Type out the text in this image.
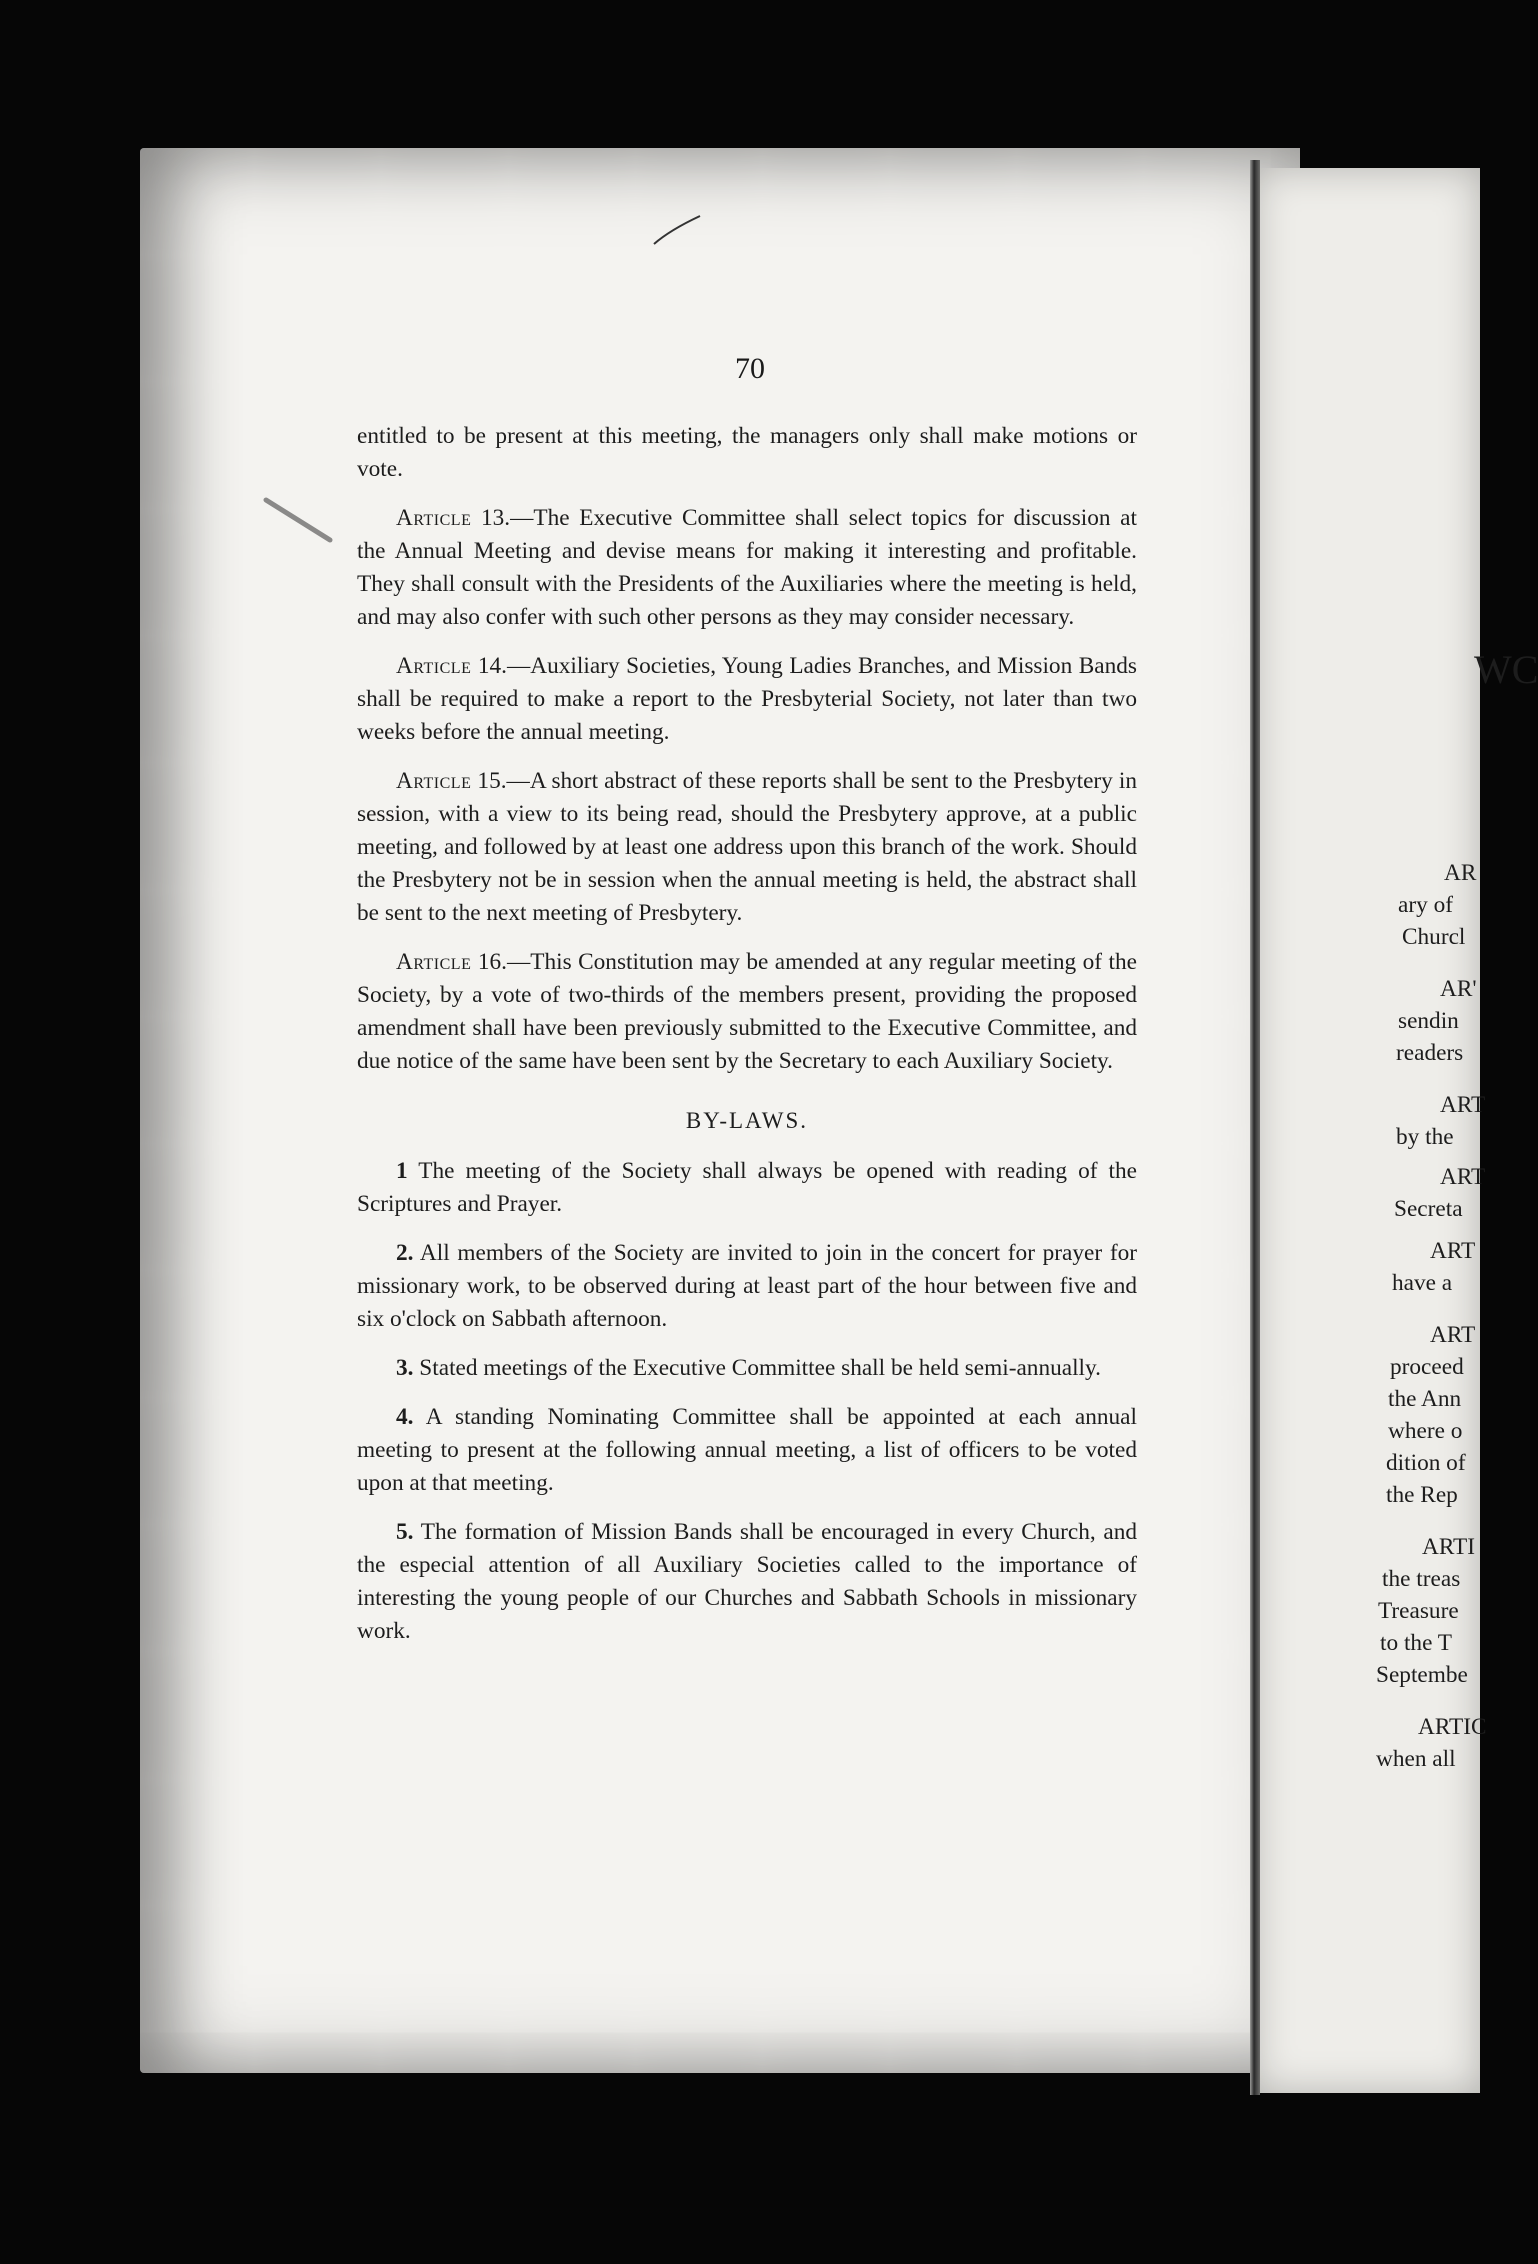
70

entitled to be present at this meeting, the managers only shall make motions or vote.

Article 13.—The Executive Committee shall select topics for discussion at the Annual Meeting and devise means for making it interesting and profitable. They shall consult with the Presidents of the Auxiliaries where the meeting is held, and may also confer with such other persons as they may consider necessary.

Article 14.—Auxiliary Societies, Young Ladies Branches, and Mission Bands shall be required to make a report to the Presbyterial Society, not later than two weeks before the annual meeting.

Article 15.—A short abstract of these reports shall be sent to the Presbytery in session, with a view to its being read, should the Presbytery approve, at a public meeting, and followed by at least one address upon this branch of the work. Should the Presbytery not be in session when the annual meeting is held, the abstract shall be sent to the next meeting of Presbytery.

Article 16.—This Constitution may be amended at any regular meeting of the Society, by a vote of two-thirds of the members present, providing the proposed amendment shall have been previously submitted to the Executive Committee, and due notice of the same have been sent by the Secretary to each Auxiliary Society.

BY-LAWS.

1 The meeting of the Society shall always be opened with reading of the Scriptures and Prayer.

2. All members of the Society are invited to join in the concert for prayer for missionary work, to be observed during at least part of the hour between five and six o'clock on Sabbath afternoon.

3. Stated meetings of the Executive Committee shall be held semi-annually.

4. A standing Nominating Committee shall be appointed at each annual meeting to present at the following annual meeting, a list of officers to be voted upon at that meeting.

5. The formation of Mission Bands shall be encouraged in every Church, and the especial attention of all Auxiliary Societies called to the importance of interesting the young people of our Churches and Sabbath Schools in missionary work.

WC
AR
ary of
Churcl
AR'
sendin
readers
ART
by the
ART
Secreta
ART
have a
ART
proceed
the Ann
where o
dition of
the Rep
ARTI
the treas
Treasure
to the T
Septembe
ARTIC
when all
